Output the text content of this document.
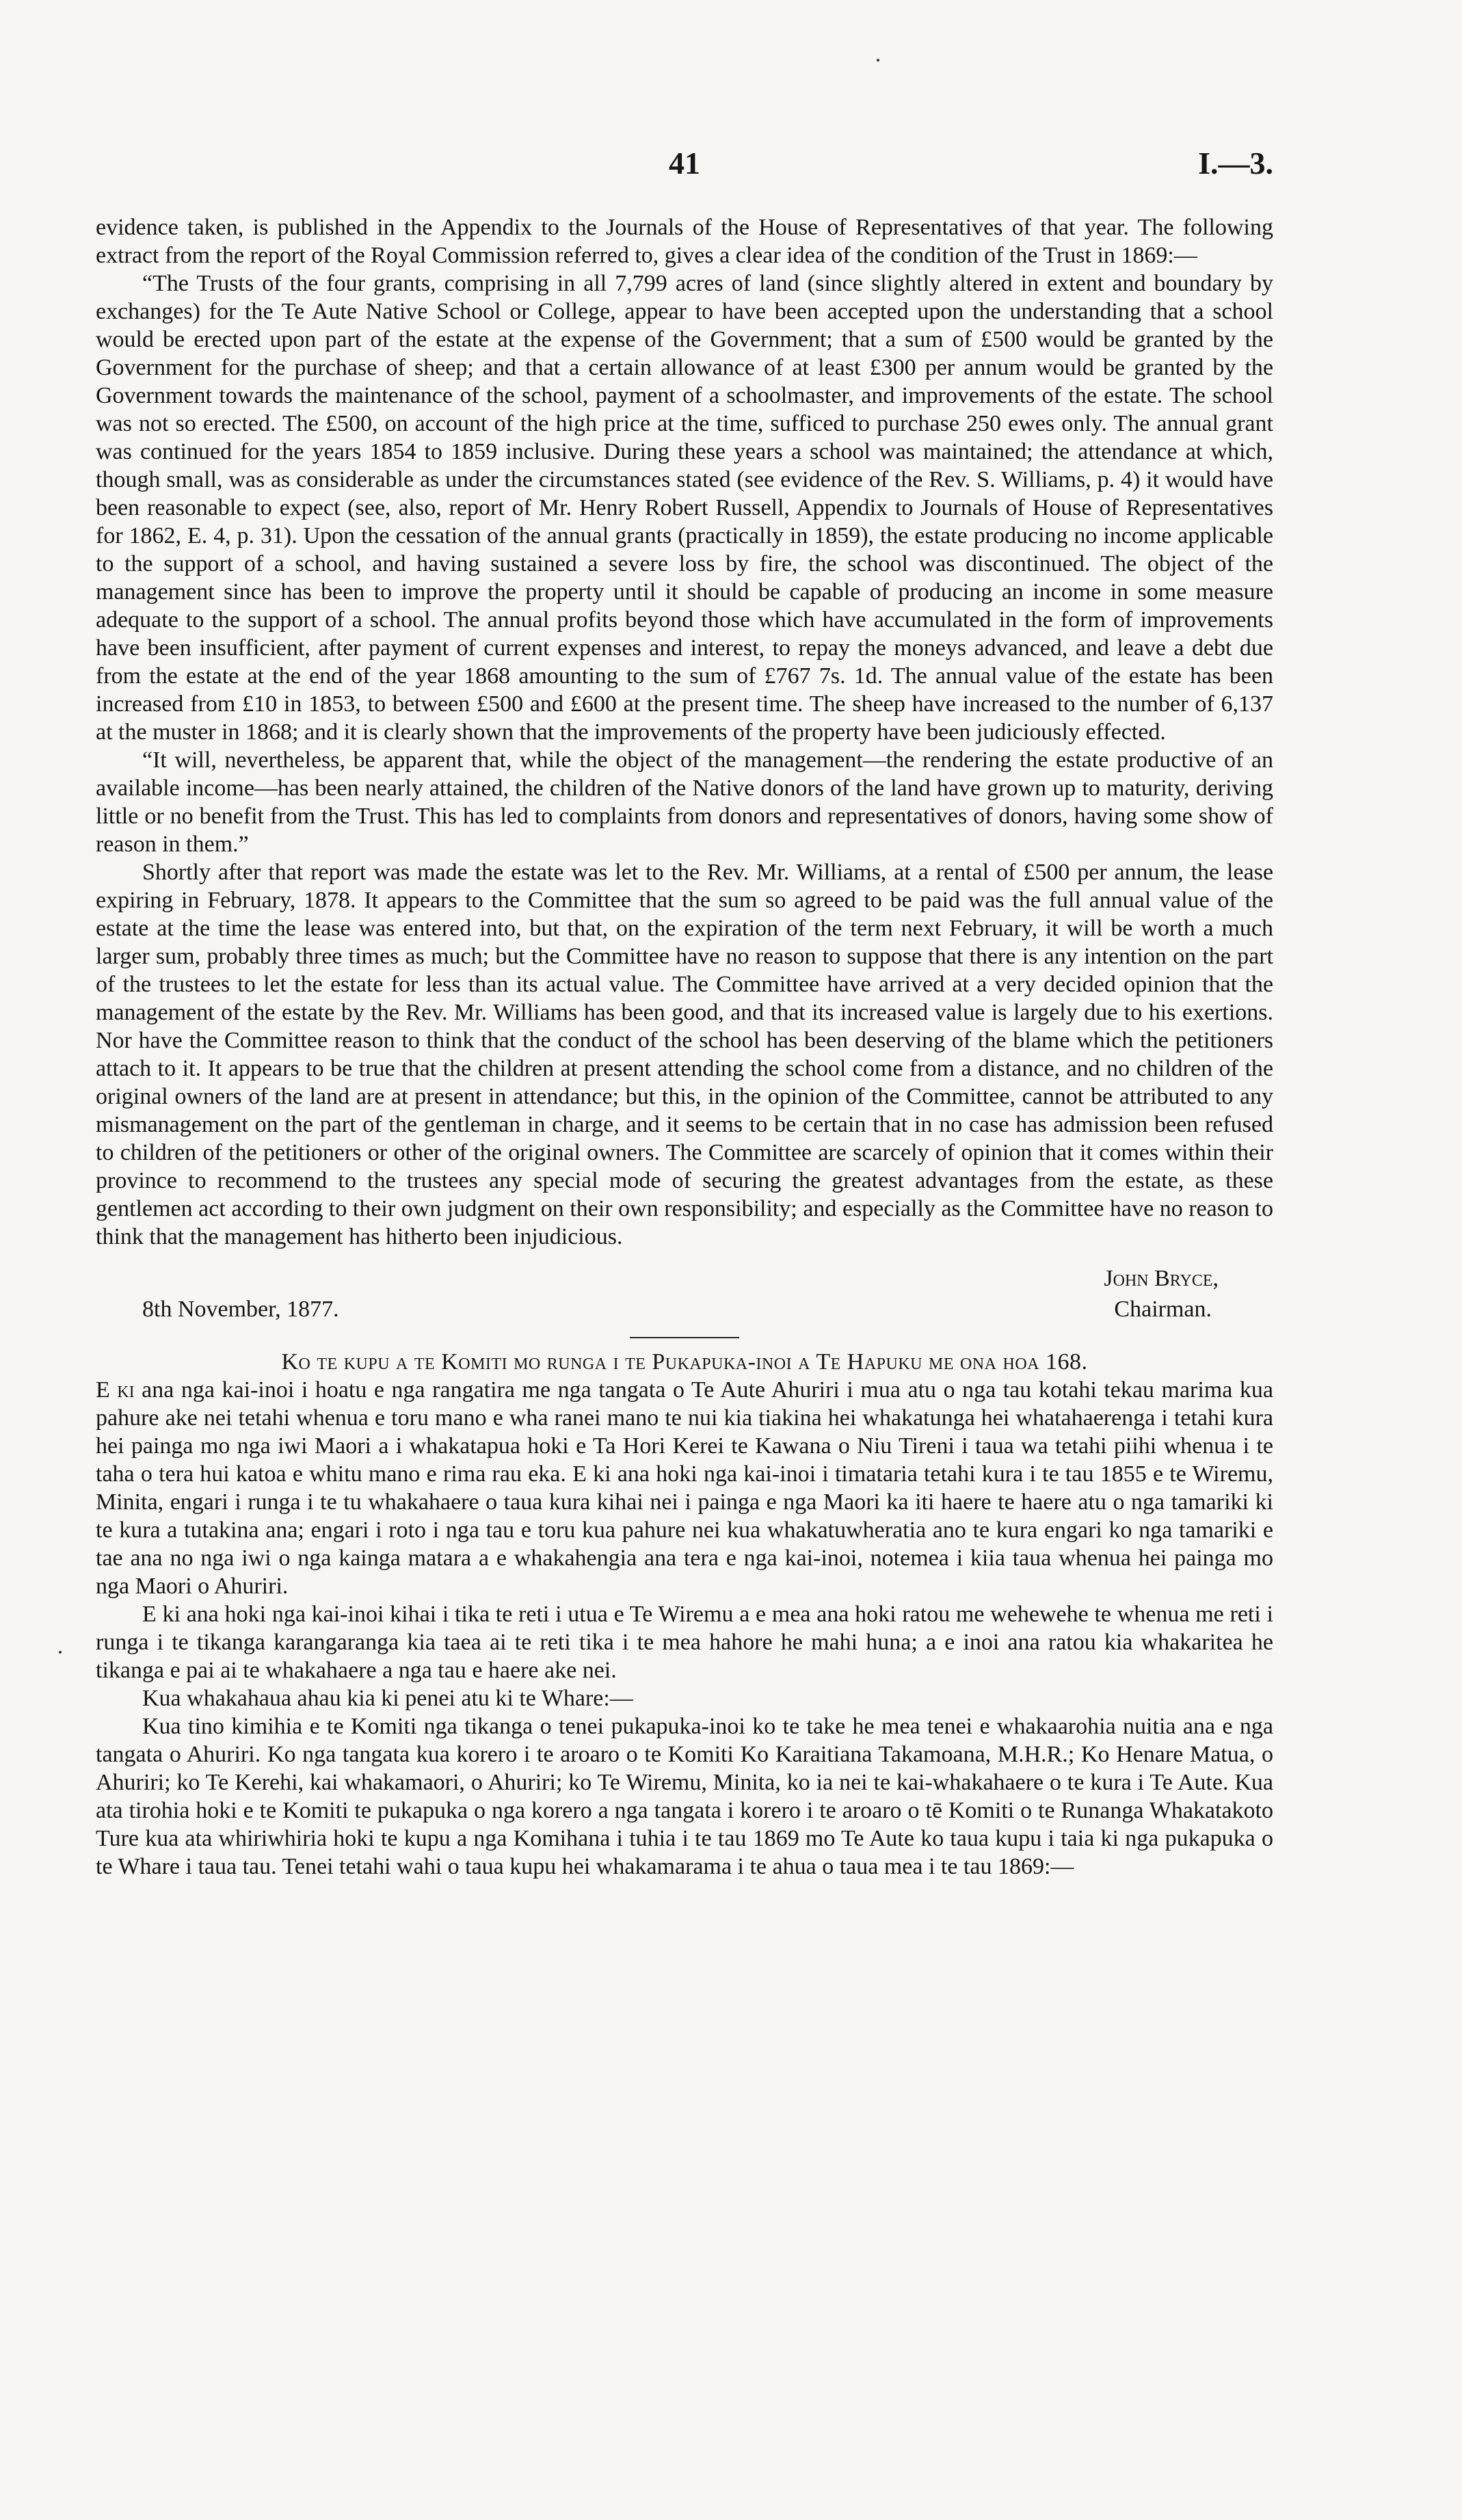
41	I.—3.

evidence taken, is published in the Appendix to the Journals of the House of Representatives of that year. The following extract from the report of the Royal Commission referred to, gives a clear idea of the condition of the Trust in 1869:—

“The Trusts of the four grants, comprising in all 7,799 acres of land (since slightly altered in extent and boundary by exchanges) for the Te Aute Native School or College, appear to have been accepted upon the understanding that a school would be erected upon part of the estate at the expense of the Government; that a sum of £500 would be granted by the Government for the purchase of sheep; and that a certain allowance of at least £300 per annum would be granted by the Government towards the maintenance of the school, payment of a schoolmaster, and improvements of the estate. The school was not so erected. The £500, on account of the high price at the time, sufficed to purchase 250 ewes only. The annual grant was continued for the years 1854 to 1859 inclusive. During these years a school was maintained; the attendance at which, though small, was as considerable as under the circumstances stated (see evidence of the Rev. S. Williams, p. 4) it would have been reasonable to expect (see, also, report of Mr. Henry Robert Russell, Appendix to Journals of House of Representatives for 1862, E. 4, p. 31). Upon the cessation of the annual grants (practically in 1859), the estate producing no income applicable to the support of a school, and having sustained a severe loss by fire, the school was discontinued. The object of the management since has been to improve the property until it should be capable of producing an income in some measure adequate to the support of a school. The annual profits beyond those which have accumulated in the form of improvements have been insufficient, after payment of current expenses and interest, to repay the moneys advanced, and leave a debt due from the estate at the end of the year 1868 amounting to the sum of £767 7s. 1d. The annual value of the estate has been increased from £10 in 1853, to between £500 and £600 at the present time. The sheep have increased to the number of 6,137 at the muster in 1868; and it is clearly shown that the improvements of the property have been judiciously effected.

“It will, nevertheless, be apparent that, while the object of the management—the rendering the estate productive of an available income—has been nearly attained, the children of the Native donors of the land have grown up to maturity, deriving little or no benefit from the Trust. This has led to complaints from donors and representatives of donors, having some show of reason in them.”

Shortly after that report was made the estate was let to the Rev. Mr. Williams, at a rental of £500 per annum, the lease expiring in February, 1878. It appears to the Committee that the sum so agreed to be paid was the full annual value of the estate at the time the lease was entered into, but that, on the expiration of the term next February, it will be worth a much larger sum, probably three times as much; but the Committee have no reason to suppose that there is any intention on the part of the trustees to let the estate for less than its actual value. The Committee have arrived at a very decided opinion that the management of the estate by the Rev. Mr. Williams has been good, and that its increased value is largely due to his exertions. Nor have the Committee reason to think that the conduct of the school has been deserving of the blame which the petitioners attach to it. It appears to be true that the children at present attending the school come from a distance, and no children of the original owners of the land are at present in attendance; but this, in the opinion of the Committee, cannot be attributed to any mismanagement on the part of the gentleman in charge, and it seems to be certain that in no case has admission been refused to children of the petitioners or other of the original owners. The Committee are scarcely of opinion that it comes within their province to recommend to the trustees any special mode of securing the greatest advantages from the estate, as these gentlemen act according to their own judgment on their own responsibility; and especially as the Committee have no reason to think that the management has hitherto been injudicious.

John Bryce,
8th November, 1877.	Chairman.

Ko te kupu a te Komiti mo runga i te Pukapuka-inoi a Te Hapuku me ona hoa 168.

E ki ana nga kai-inoi i hoatu e nga rangatira me nga tangata o Te Aute Ahuriri i mua atu o nga tau kotahi tekau marima kua pahure ake nei tetahi whenua e toru mano e wha ranei mano te nui kia tiakina hei whakatunga hei whatahaerenga i tetahi kura hei painga mo nga iwi Maori a i whakatapua hoki e Ta Hori Kerei te Kawana o Niu Tireni i taua wa tetahi piihi whenua i te taha o tera hui katoa e whitu mano e rima rau eka. E ki ana hoki nga kai-inoi i timataria tetahi kura i te tau 1855 e te Wiremu, Minita, engari i runga i te tu whakahaere o taua kura kihai nei i painga e nga Maori ka iti haere te haere atu o nga tamariki ki te kura a tutakina ana; engari i roto i nga tau e toru kua pahure nei kua whakatuwheratia ano te kura engari ko nga tamariki e tae ana no nga iwi o nga kainga matara a e whakahengia ana tera e nga kai-inoi, notemea i kiia taua whenua hei painga mo nga Maori o Ahuriri.

E ki ana hoki nga kai-inoi kihai i tika te reti i utua e Te Wiremu a e mea ana hoki ratou me wehewehe te whenua me reti i runga i te tikanga karangaranga kia taea ai te reti tika i te mea hahore he mahi huna; a e inoi ana ratou kia whakaritea he tikanga e pai ai te whakahaere a nga tau e haere ake nei.

Kua whakahaua ahau kia ki penei atu ki te Whare:—

Kua tino kimihia e te Komiti nga tikanga o tenei pukapuka-inoi ko te take he mea tenei e whakaarohia nuitia ana e nga tangata o Ahuriri. Ko nga tangata kua korero i te aroaro o te Komiti Ko Karaitiana Takamoana, M.H.R.; Ko Henare Matua, o Ahuriri; ko Te Kerehi, kai whakamaori, o Ahuriri; ko Te Wiremu, Minita, ko ia nei te kai-whakahaere o te kura i Te Aute. Kua ata tirohia hoki e te Komiti te pukapuka o nga korero a nga tangata i korero i te aroaro o tē Komiti o te Runanga Whakatakoto Ture kua ata whiriwhiria hoki te kupu a nga Komihana i tuhia i te tau 1869 mo Te Aute ko taua kupu i taia ki nga pukapuka o te Whare i taua tau. Tenei tetahi wahi o taua kupu hei whakamarama i te ahua o taua mea i te tau 1869:—
